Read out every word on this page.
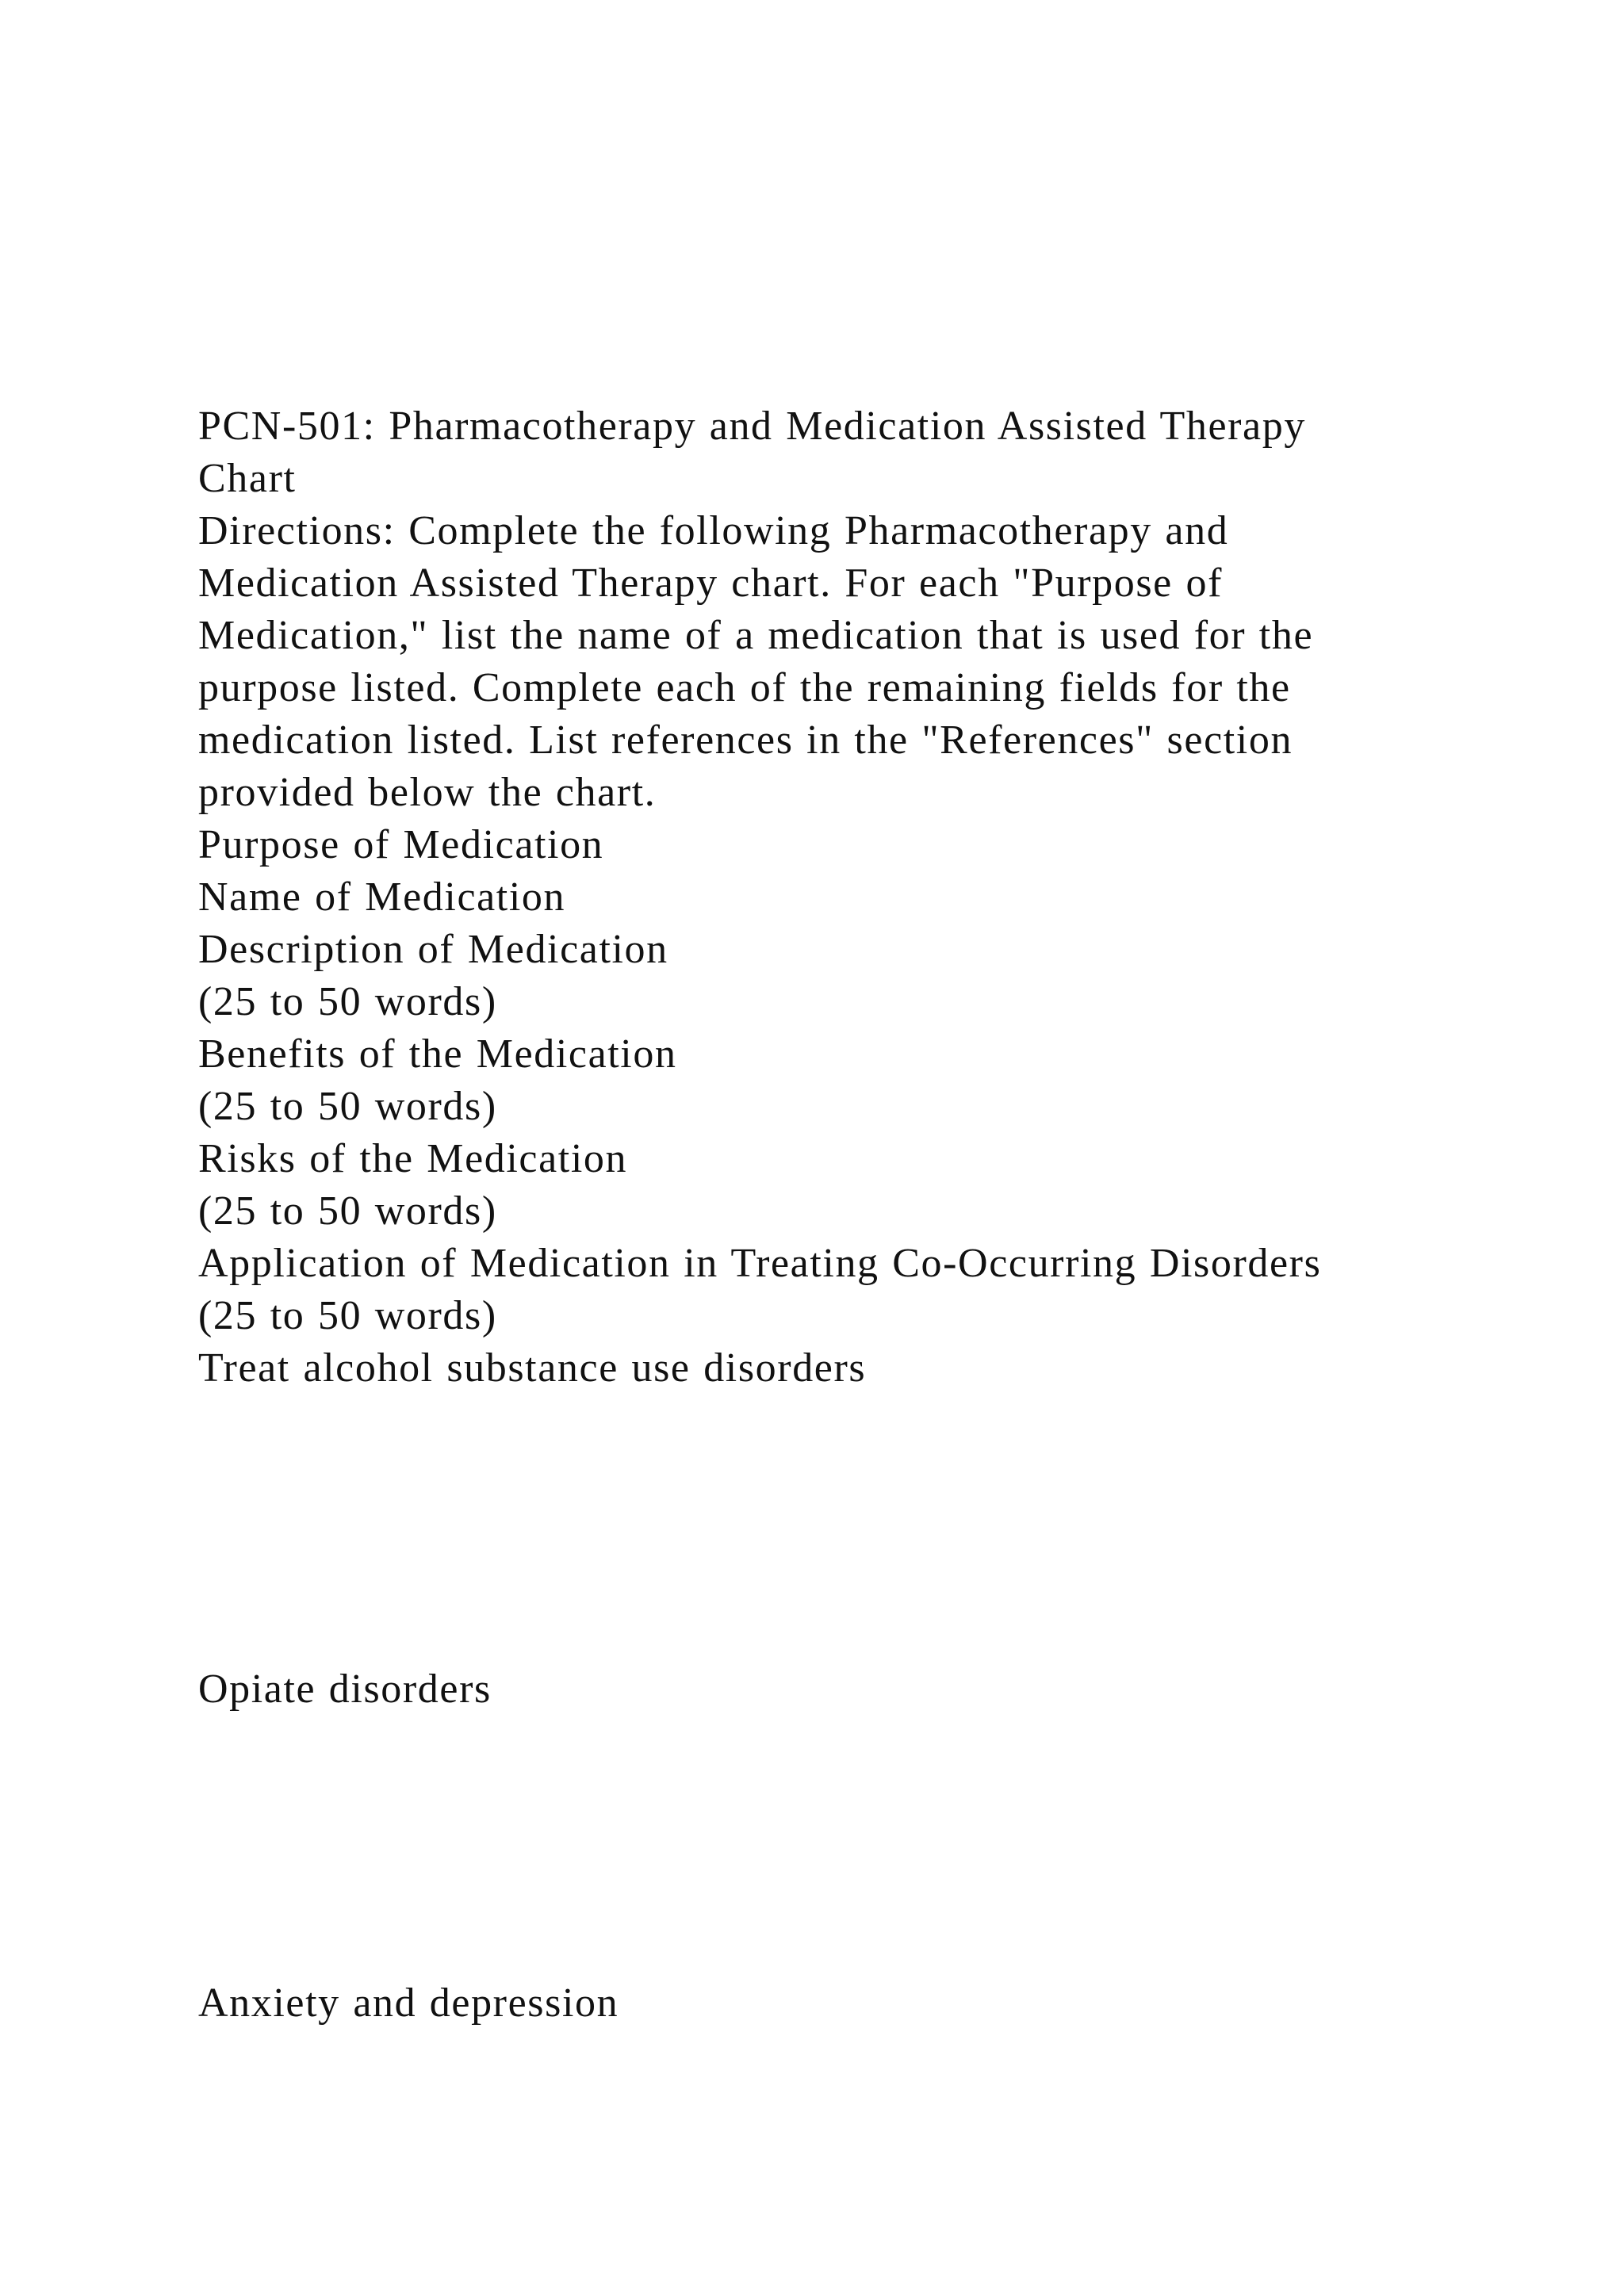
PCN-501: Pharmacotherapy and Medication Assisted Therapy
Chart
Directions: Complete the following Pharmacotherapy and
Medication Assisted Therapy chart. For each "Purpose of
Medication," list the name of a medication that is used for the
purpose listed. Complete each of the remaining fields for the
medication listed. List references in the "References" section
provided below the chart.
Purpose of Medication
Name of Medication
Description of Medication
(25 to 50 words)
Benefits of the Medication
(25 to 50 words)
Risks of the Medication
(25 to 50 words)
Application of Medication in Treating Co-Occurring Disorders
(25 to 50 words)
Treat alcohol substance use disorders
Opiate disorders
Anxiety and depression
